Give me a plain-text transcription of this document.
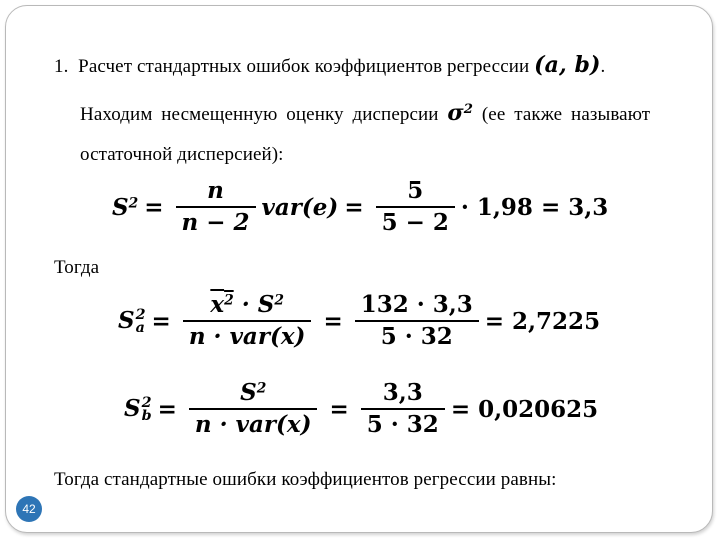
1. Расчет стандартных ошибок коэффициентов регрессии (a, b).
Находим несмещенную оценку дисперсии $\sigma^2$ (ее также называют
остаточной дисперсией):
$S^2 = \frac{n}{n - 2} var(e) = \frac{5}{5 - 2} \cdot 1,98 = 3,3$
Тогда
S 2
$a = \frac{x^2 \cdot S^2}{\text{n · var(x)}} = \frac{132 \cdot 3,3}{5 \cdot 32} = 2,7225$
S 2
$b = \frac{S^2}{\text{n · var(x)}} = \frac{3,3}{5 \cdot 32} = 0,020625$
Тогда стандартные ошибки коэффициентов регрессии равны:
42
